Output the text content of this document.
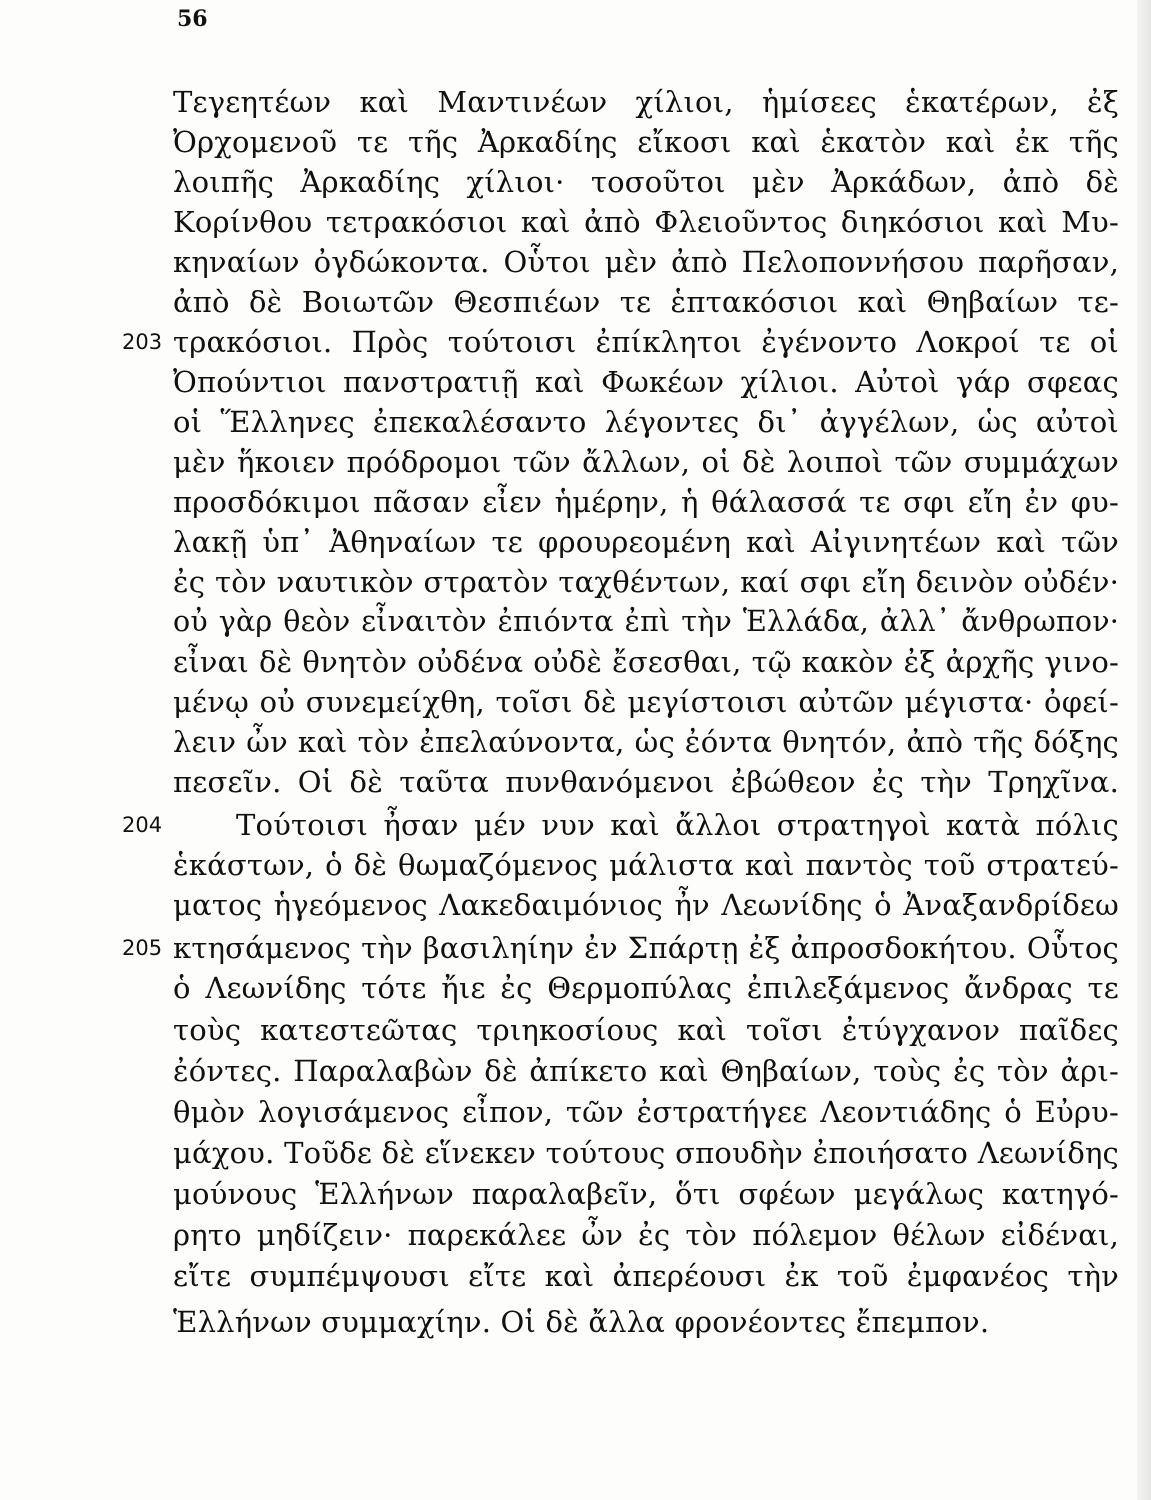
56
Τεγεητέων καὶ Μαντινέων χίλιοι, ἡμίσεες ἑκατέρων, ἐξ
Ὀρχομενοῦ τε τῆς Ἀρκαδίης εἴκοσι καὶ ἑκατὸν καὶ ἐκ τῆς
λοιπῆς Ἀρκαδίης χίλιοι· τοσοῦτοι μὲν Ἀρκάδων, ἀπὸ δὲ
Κορίνθου τετρακόσιοι καὶ ἀπὸ Φλειοῦντος διηκόσιοι καὶ Μυ-
κηναίων ὀγδώκοντα. Οὗτοι μὲν ἀπὸ Πελοποννήσου παρῆσαν,
ἀπὸ δὲ Βοιωτῶν Θεσπιέων τε ἑπτακόσιοι καὶ Θηβαίων τε-
τρακόσιοι. Πρὸς τούτοισι ἐπίκλητοι ἐγένοντο Λοκροί τε οἱ
Ὀπούντιοι πανστρατιῇ καὶ Φωκέων χίλιοι. Αὐτοὶ γάρ σφεας
οἱ Ἕλληνες ἐπεκαλέσαντο λέγοντες δι᾽ ἀγγέλων, ὡς αὐτοὶ
μὲν ἥκοιεν πρόδρομοι τῶν ἄλλων, οἱ δὲ λοιποὶ τῶν συμμάχων
προσδόκιμοι πᾶσαν εἶεν ἡμέρην, ἡ θάλασσά τε σφι εἴη ἐν φυ-
λακῇ ὑπ᾽ Ἀθηναίων τε φρουρεομένη καὶ Αἰγινητέων καὶ τῶν
ἐς τὸν ναυτικὸν στρατὸν ταχθέντων, καί σφι εἴη δεινὸν οὐδέν·
οὐ γὰρ θεὸν εἶναιτὸν ἐπιόντα ἐπὶ τὴν Ἑλλάδα, ἀλλ᾽ ἄνθρωπον·
εἶναι δὲ θνητὸν οὐδένα οὐδὲ ἔσεσθαι, τῷ κακὸν ἐξ ἀρχῆς γινο-
μένῳ οὐ συνεμείχθη, τοῖσι δὲ μεγίστοισι αὐτῶν μέγιστα· ὀφεί-
λειν ὦν καὶ τὸν ἐπελαύνοντα, ὡς ἐόντα θνητόν, ἀπὸ τῆς δόξης
πεσεῖν. Οἱ δὲ ταῦτα πυνθανόμενοι ἐβώθεον ἐς τὴν Τρηχῖνα.
Τούτοισι ἦσαν μέν νυν καὶ ἄλλοι στρατηγοὶ κατὰ πόλις
ἑκάστων, ὁ δὲ θωμαζόμενος μάλιστα καὶ παντὸς τοῦ στρατεύ-
ματος ἡγεόμενος Λακεδαιμόνιος ἦν Λεωνίδης ὁ Ἀναξανδρίδεω
κτησάμενος τὴν βασιληίην ἐν Σπάρτῃ ἐξ ἀπροσδοκήτου. Οὗτος
ὁ Λεωνίδης τότε ἤιε ἐς Θερμοπύλας ἐπιλεξάμενος ἄνδρας τε
τοὺς κατεστεῶτας τριηκοσίους καὶ τοῖσι ἐτύγχανον παῖδες
ἐόντες. Παραλαβὼν δὲ ἀπίκετο καὶ Θηβαίων, τοὺς ἐς τὸν ἀρι-
θμὸν λογισάμενος εἶπον, τῶν ἐστρατήγεε Λεοντιάδης ὁ Εὐρυ-
μάχου. Τοῦδε δὲ εἵνεκεν τούτους σπουδὴν ἐποιήσατο Λεωνίδης
μούνους Ἑλλήνων παραλαβεῖν, ὅτι σφέων μεγάλως κατηγό-
ρητο μηδίζειν· παρεκάλεε ὦν ἐς τὸν πόλεμον θέλων εἰδέναι,
εἴτε συμπέμψουσι εἴτε καὶ ἀπερέουσι ἐκ τοῦ ἐμφανέος τὴν
Ἑλλήνων συμμαχίην. Οἱ δὲ ἄλλα φρονέοντες ἔπεμπον.
203
204
205
